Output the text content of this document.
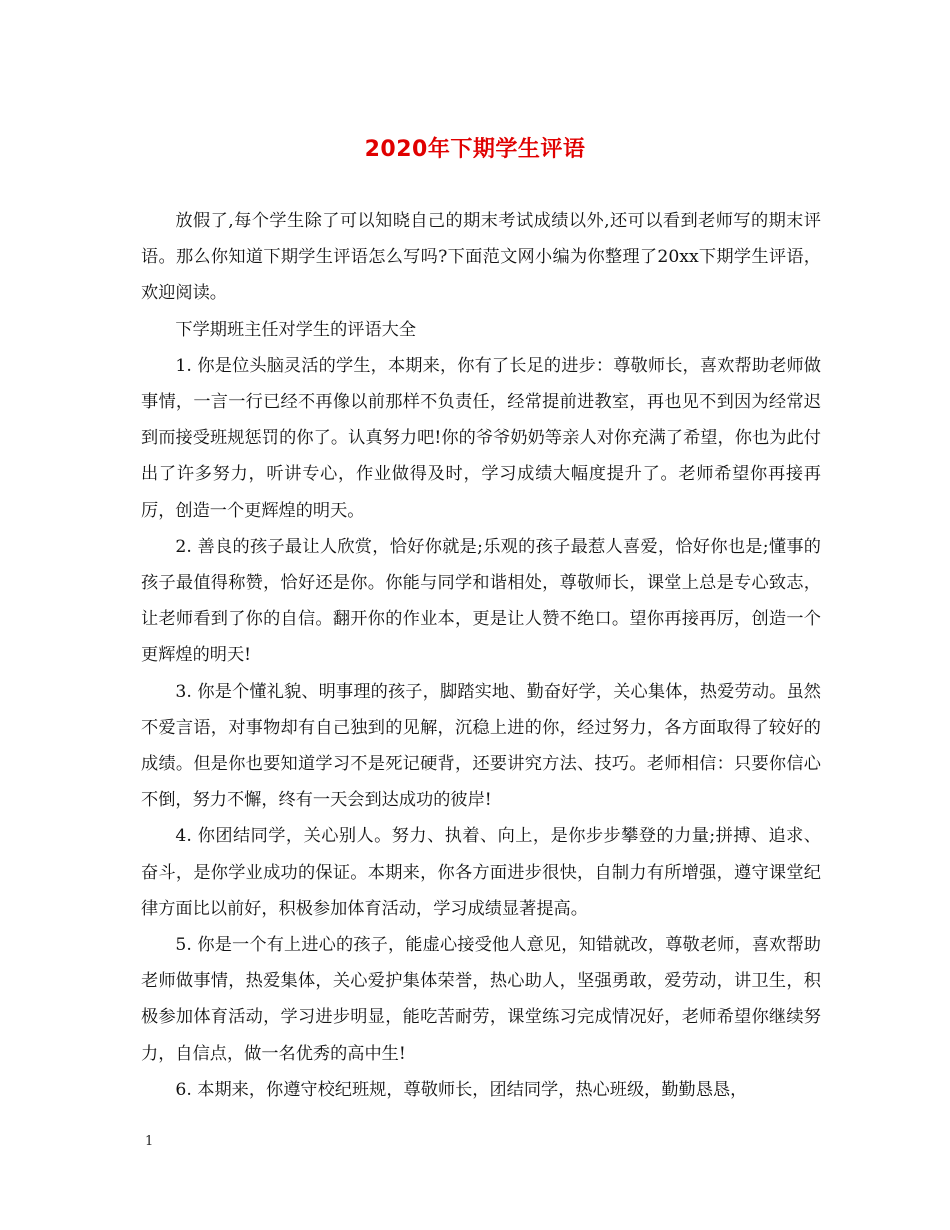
2020年下期学生评语

放假了,每个学生除了可以知晓自己的期末考试成绩以外,还可以看到老师写的期末评语。那么你知道下期学生评语怎么写吗?下面范文网小编为你整理了20xx下期学生评语，欢迎阅读。

下学期班主任对学生的评语大全

1. 你是位头脑灵活的学生，本期来，你有了长足的进步：尊敬师长，喜欢帮助老师做事情，一言一行已经不再像以前那样不负责任，经常提前进教室，再也见不到因为经常迟到而接受班规惩罚的你了。认真努力吧!你的爷爷奶奶等亲人对你充满了希望，你也为此付出了许多努力，听讲专心，作业做得及时，学习成绩大幅度提升了。老师希望你再接再厉，创造一个更辉煌的明天。

2. 善良的孩子最让人欣赏，恰好你就是;乐观的孩子最惹人喜爱，恰好你也是;懂事的孩子最值得称赞，恰好还是你。你能与同学和谐相处，尊敬师长，课堂上总是专心致志，让老师看到了你的自信。翻开你的作业本，更是让人赞不绝口。望你再接再厉，创造一个更辉煌的明天!

3. 你是个懂礼貌、明事理的孩子，脚踏实地、勤奋好学，关心集体，热爱劳动。虽然不爱言语，对事物却有自己独到的见解，沉稳上进的你，经过努力，各方面取得了较好的成绩。但是你也要知道学习不是死记硬背，还要讲究方法、技巧。老师相信：只要你信心不倒，努力不懈，终有一天会到达成功的彼岸!

4. 你团结同学，关心别人。努力、执着、向上，是你步步攀登的力量;拼搏、追求、奋斗，是你学业成功的保证。本期来，你各方面进步很快，自制力有所增强，遵守课堂纪律方面比以前好，积极参加体育活动，学习成绩显著提高。

5. 你是一个有上进心的孩子，能虚心接受他人意见，知错就改，尊敬老师，喜欢帮助老师做事情，热爱集体，关心爱护集体荣誉，热心助人，坚强勇敢，爱劳动，讲卫生，积极参加体育活动，学习进步明显，能吃苦耐劳，课堂练习完成情况好，老师希望你继续努力，自信点，做一名优秀的高中生!

6. 本期来，你遵守校纪班规，尊敬师长，团结同学，热心班级，勤勤恳恳，

1
